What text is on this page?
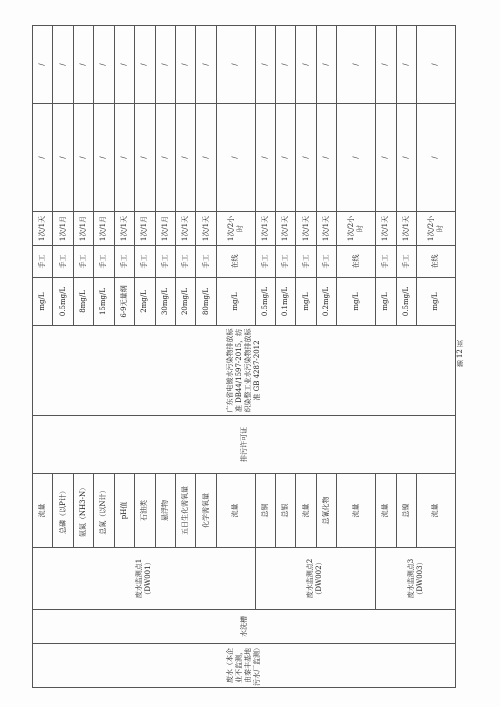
废水（本企业不监测，由秦丰基地污水厂监测）	水洗槽	废水监测点1（DW001）	流量	排污许可证	广东省电镀水污染物排放标准 DB44/1597-2015，纺织染整工业水污染物排放标准 GB 4287-2012	mg/L	手工	1次/1天	/	/
			总磷（以P计）			0.5mg/L	手工	1次/1月	/	/
			氨氮（NH3-N）			8mg/L	手工	1次/1月	/	/
			总氮（以N计）			15mg/L	手工	1次/1月	/	/
			pH值			6-9无量纲	手工	1次/1天	/	/
			石油类			2mg/L	手工	1次/1月	/	/
			悬浮物			30mg/L	手工	1次/1月	/	/
			五日生化需氧量			20mg/L	手工	1次/1天	/	/
			化学需氧量			80mg/L	手工	1次/1天	/	/
			流量			mg/L	在线	1次/2小时	/	/
		废水监测点2（DW002）	总铜			0.5mg/L	手工	1次/1天	/	/
			总银			0.1mg/L	手工	1次/1天	/	/
			流量			mg/L	手工	1次/1天	/	/
			总氰化物			0.2mg/L	手工	1次/1天	/	/
			流量			mg/L	在线	1次/2小时	/	/
		废水监测点3（DW003）	流量			mg/L	手工	1次/1天	/	/
			总镍			0.5mg/L	手工	1次/1天	/	/
			流量			mg/L	在线	1次/2小时	/	/
第 12 页
